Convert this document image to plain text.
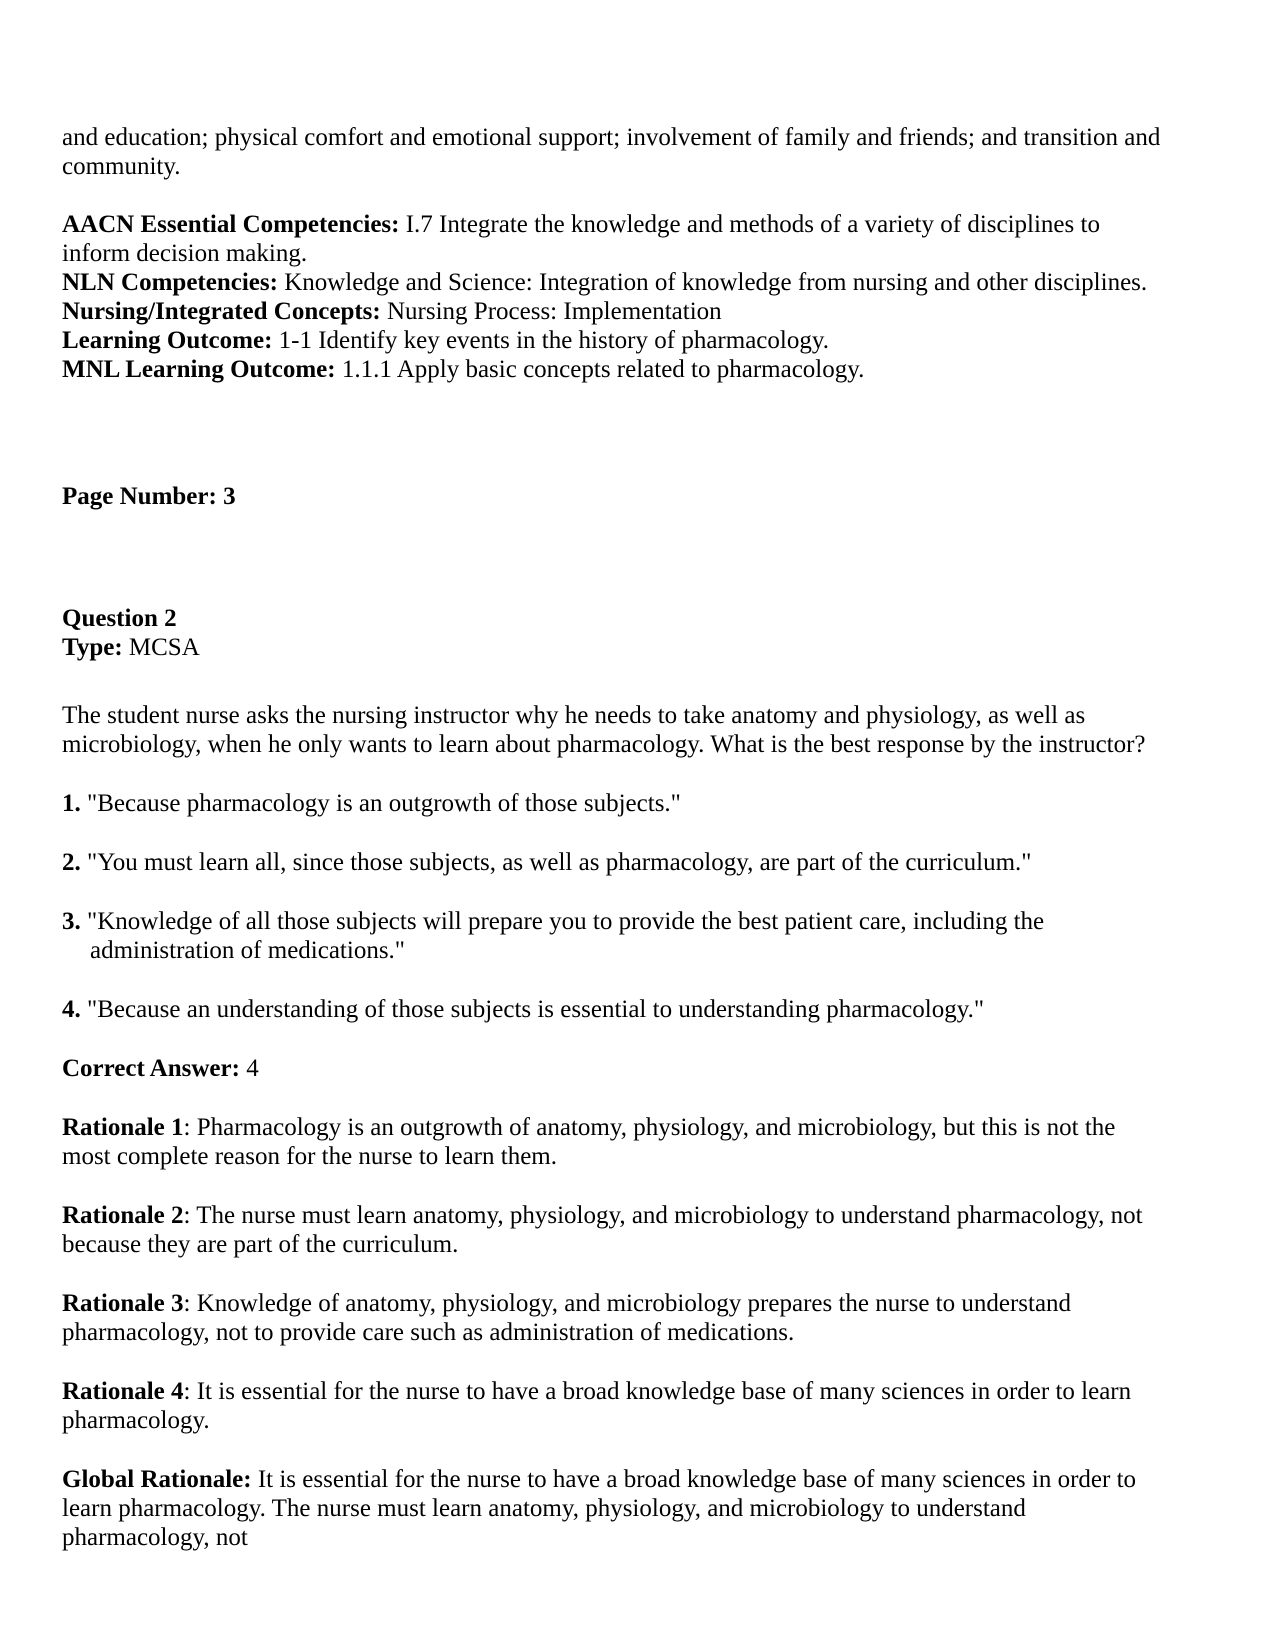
and education; physical comfort and emotional support; involvement of family and friends; and transition and community.

AACN Essential Competencies: I.7 Integrate the knowledge and methods of a variety of disciplines to inform decision making.

NLN Competencies: Knowledge and Science: Integration of knowledge from nursing and other disciplines.

Nursing/Integrated Concepts: Nursing Process: Implementation

Learning Outcome: 1-1 Identify key events in the history of pharmacology.

MNL Learning Outcome: 1.1.1 Apply basic concepts related to pharmacology.

Page Number: 3

Question 2

Type: MCSA

The student nurse asks the nursing instructor why he needs to take anatomy and physiology, as well as microbiology, when he only wants to learn about pharmacology. What is the best response by the instructor?

1. "Because pharmacology is an outgrowth of those subjects."

2. "You must learn all, since those subjects, as well as pharmacology, are part of the curriculum."

3. "Knowledge of all those subjects will prepare you to provide the best patient care, including the administration of medications."

4. "Because an understanding of those subjects is essential to understanding pharmacology."

Correct Answer: 4

Rationale 1: Pharmacology is an outgrowth of anatomy, physiology, and microbiology, but this is not the most complete reason for the nurse to learn them.

Rationale 2: The nurse must learn anatomy, physiology, and microbiology to understand pharmacology, not because they are part of the curriculum.

Rationale 3: Knowledge of anatomy, physiology, and microbiology prepares the nurse to understand pharmacology, not to provide care such as administration of medications.

Rationale 4: It is essential for the nurse to have a broad knowledge base of many sciences in order to learn pharmacology.

Global Rationale: It is essential for the nurse to have a broad knowledge base of many sciences in order to learn pharmacology. The nurse must learn anatomy, physiology, and microbiology to understand pharmacology, not
